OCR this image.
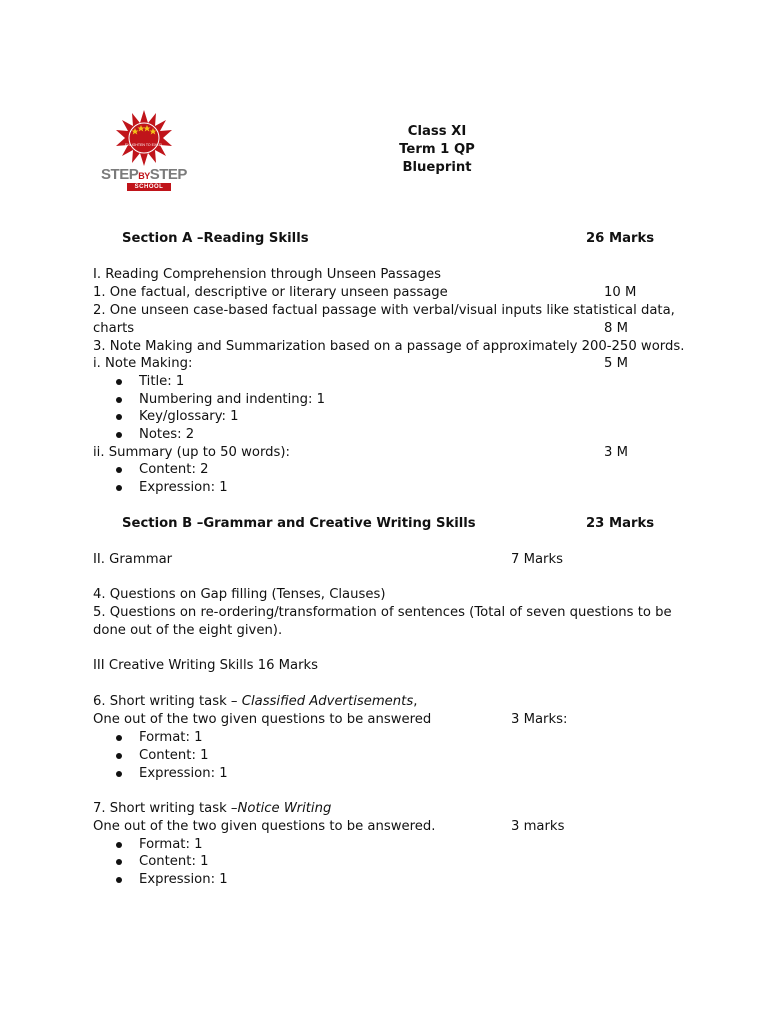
ENLIGHTEN TO EXCEL
STEPBYSTEP
SCHOOL
Class XI
Term 1 QP
Blueprint
Section A –Reading Skills	26 Marks
I. Reading Comprehension through Unseen Passages
1. One factual, descriptive or literary unseen passage	10 M
2. One unseen case-based factual passage with verbal/visual inputs like statistical data,
charts	8 M
3. Note Making and Summarization based on a passage of approximately 200-250 words.
i. Note Making:	5 M
Title: 1
Numbering and indenting: 1
Key/glossary: 1
Notes: 2
ii. Summary (up to 50 words):	3 M
Content: 2
Expression: 1
Section B –Grammar and Creative Writing Skills	23 Marks
II. Grammar	7 Marks
4. Questions on Gap filling (Tenses, Clauses)
5. Questions on re-ordering/transformation of sentences (Total of seven questions to be
done out of the eight given).
III Creative Writing Skills 16 Marks
6. Short writing task – Classified Advertisements,
One out of the two given questions to be answered	3 Marks:
Format: 1
Content: 1
Expression: 1
7. Short writing task –Notice Writing
One out of the two given questions to be answered.	3 marks
Format: 1
Content: 1
Expression: 1
